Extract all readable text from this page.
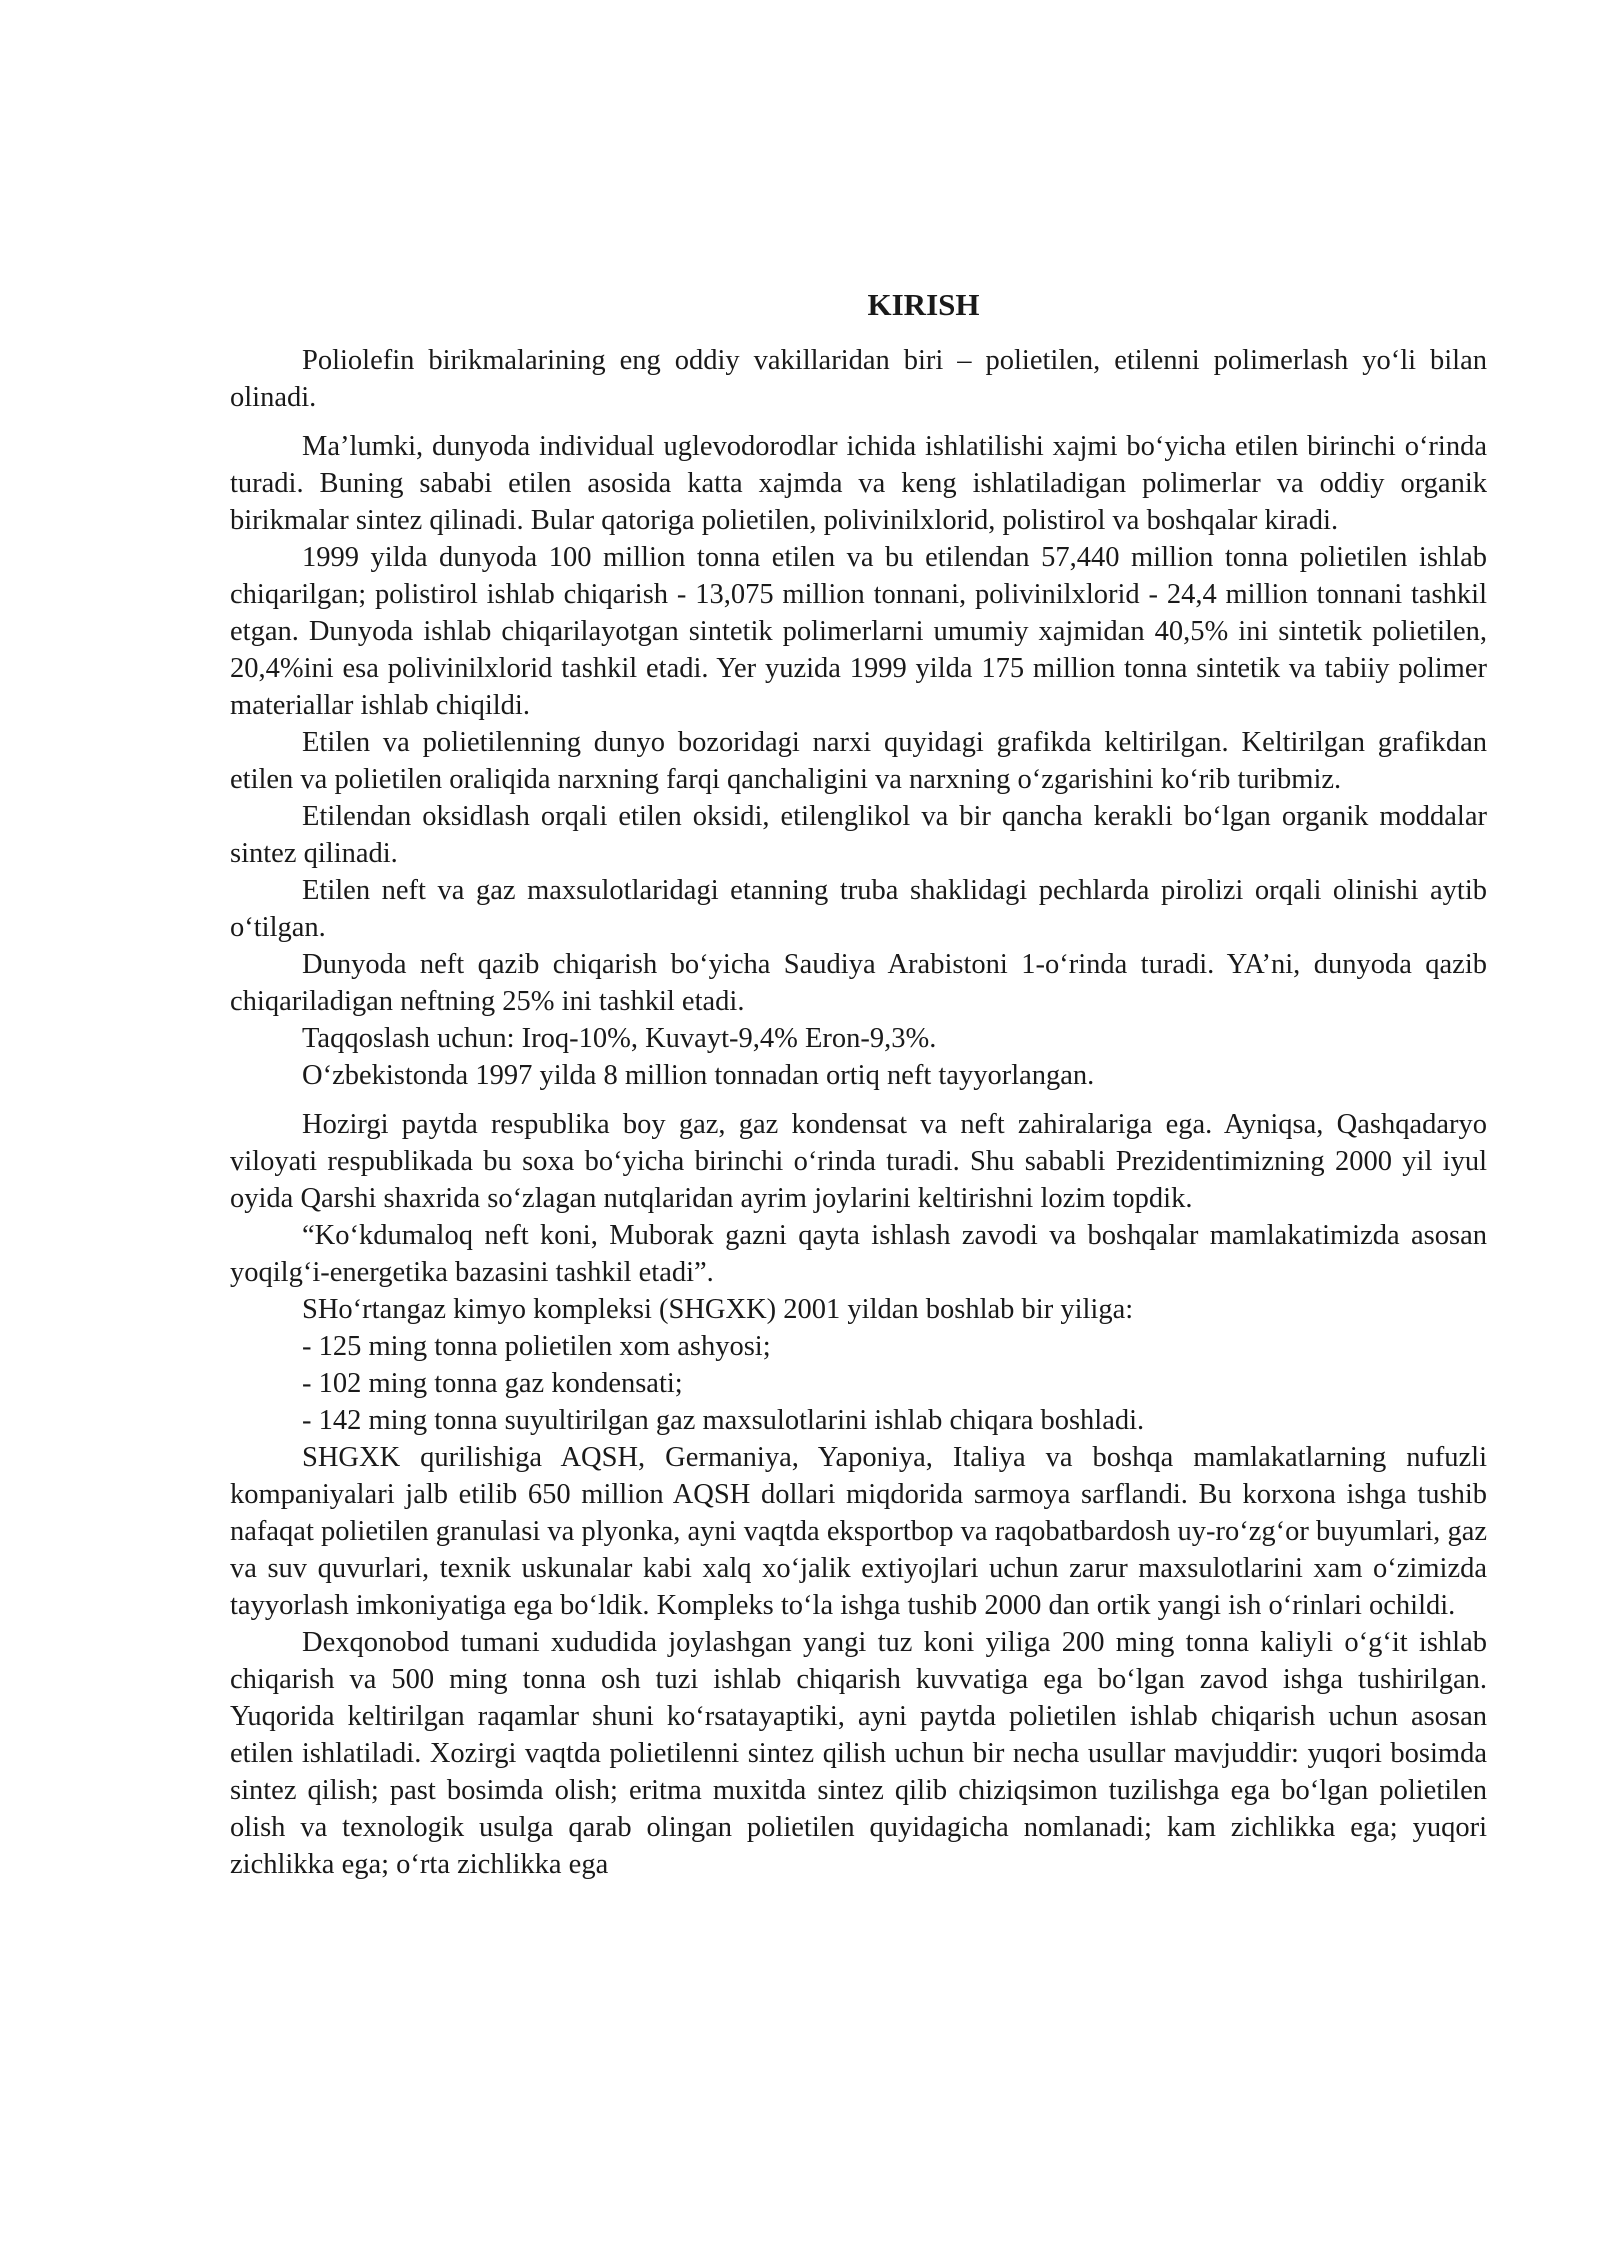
KIRISH

Poliolefin birikmalarining eng oddiy vakillaridan biri – polietilen, etilenni polimerlash yo‘li bilan olinadi.

Ma’lumki, dunyoda individual uglevodorodlar ichida ishlatilishi xajmi bo‘yicha etilen birinchi o‘rinda turadi. Buning sababi etilen asosida katta xajmda va keng ishlatiladigan polimerlar va oddiy organik birikmalar sintez qilinadi. Bular qatoriga polietilen, polivinilxlorid, polistirol va boshqalar kiradi.

1999 yilda dunyoda 100 million tonna etilen va bu etilendan 57,440 million tonna polietilen ishlab chiqarilgan; polistirol ishlab chiqarish - 13,075 million tonnani, polivinilxlorid - 24,4 million tonnani tashkil etgan. Dunyoda ishlab chiqarilayotgan sintetik polimerlarni umumiy xajmidan 40,5% ini sintetik polietilen, 20,4%ini esa polivinilxlorid tashkil etadi. Yer yuzida 1999 yilda 175 million tonna sintetik va tabiiy polimer materiallar ishlab chiqildi.

Etilen va polietilenning dunyo bozoridagi narxi quyidagi grafikda keltirilgan. Keltirilgan grafikdan etilen va polietilen oraliqida narxning farqi qanchaligini va narxning o‘zgarishini ko‘rib turibmiz.

Etilendan oksidlash orqali etilen oksidi, etilenglikol va bir qancha kerakli bo‘lgan organik moddalar sintez qilinadi.

Etilen neft va gaz maxsulotlaridagi etanning truba shaklidagi pechlarda pirolizi orqali olinishi aytib o‘tilgan.

Dunyoda neft qazib chiqarish bo‘yicha Saudiya Arabistoni 1-o‘rinda turadi. YA’ni, dunyoda qazib chiqariladigan neftning 25% ini tashkil etadi.

Taqqoslash uchun: Iroq-10%, Kuvayt-9,4% Eron-9,3%.

O‘zbekistonda 1997 yilda 8 million tonnadan ortiq neft tayyorlangan.

Hozirgi paytda respublika boy gaz, gaz kondensat va neft zahiralariga ega. Ayniqsa, Qashqadaryo viloyati respublikada bu soxa bo‘yicha birinchi o‘rinda turadi. Shu sababli Prezidentimizning 2000 yil iyul oyida Qarshi shaxrida so‘zlagan nutqlaridan ayrim joylarini keltirishni lozim topdik.

“Ko‘kdumaloq neft koni, Muborak gazni qayta ishlash zavodi va boshqalar mamlakatimizda asosan yoqilg‘i-energetika bazasini tashkil etadi”.

SHo‘rtangaz kimyo kompleksi (SHGXK) 2001 yildan boshlab bir yiliga:

- 125 ming tonna polietilen xom ashyosi;

- 102 ming tonna gaz kondensati;

- 142 ming tonna suyultirilgan gaz maxsulotlarini ishlab chiqara boshladi.

SHGXK qurilishiga AQSH, Germaniya, Yaponiya, Italiya va boshqa mamlakatlarning nufuzli kompaniyalari jalb etilib 650 million AQSH dollari miqdorida sarmoya sarflandi. Bu korxona ishga tushib nafaqat polietilen granulasi va plyonka, ayni vaqtda eksportbop va raqobatbardosh uy-ro‘zg‘or buyumlari, gaz va suv quvurlari, texnik uskunalar kabi xalq xo‘jalik extiyojlari uchun zarur maxsulotlarini xam o‘zimizda tayyorlash imkoniyatiga ega bo‘ldik. Kompleks to‘la ishga tushib 2000 dan ortik yangi ish o‘rinlari ochildi.

Dexqonobod tumani xududida joylashgan yangi tuz koni yiliga 200 ming tonna kaliyli o‘g‘it ishlab chiqarish va 500 ming tonna osh tuzi ishlab chiqarish kuvvatiga ega bo‘lgan zavod ishga tushirilgan. Yuqorida keltirilgan raqamlar shuni ko‘rsatayaptiki, ayni paytda polietilen ishlab chiqarish uchun asosan etilen ishlatiladi. Xozirgi vaqtda polietilenni sintez qilish uchun bir necha usullar mavjuddir: yuqori bosimda sintez qilish; past bosimda olish; eritma muxitda sintez qilib chiziqsimon tuzilishga ega bo‘lgan polietilen olish va texnologik usulga qarab olingan polietilen quyidagicha nomlanadi; kam zichlikka ega; yuqori zichlikka ega; o‘rta zichlikka ega
